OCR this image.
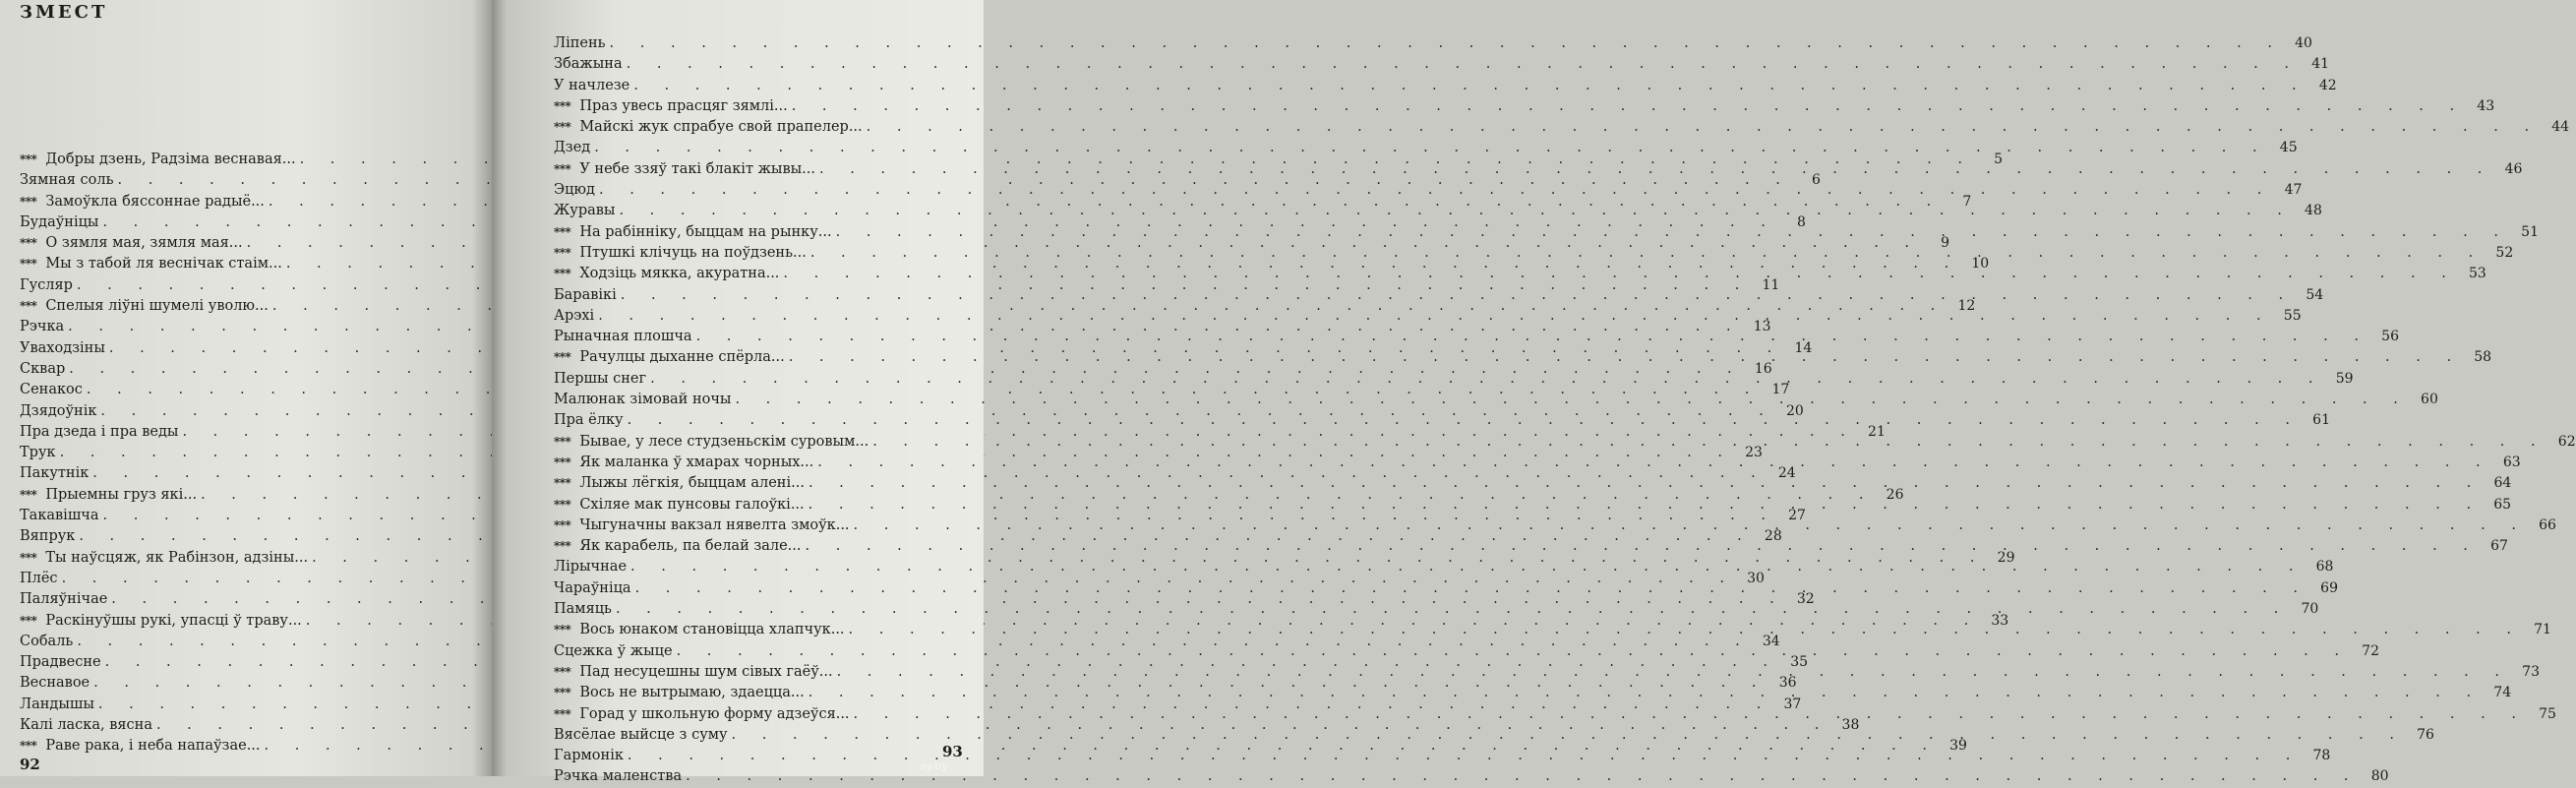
ЗМЕСТ
*** Добры дзень, Радзіма веснавая... . . .	5
Зямная соль . . .	6
*** Замоўкла бяссоннае радыё... . . .	7
Будаўніцы . . .	8
*** О зямля мая, зямля мая... . . .	9
*** Мы з табой ля веснічак стаім... . . .	10
Гусляр . . .	11
*** Спелыя ліўні шумелі уволю... . . .	12
Рэчка . . .	13
Уваходзіны . . .	14
Сквар . . .	16
Сенакос . . .	17
Дзядоўнік . . .	20
Пра дзеда і пра веды . . .	21
Трук . . .	23
Пакутнік . . .	24
*** Прыемны груз які... . . .	26
Такавішча . . .	27
Вяпрук . . .	28
*** Ты наўсцяж, як Рабінзон, адзіны... . . .	29
Плёс . . .	30
Паляўнічае . . .	32
*** Раскінуўшы рукі, упасці ў траву... . . .	33
Собаль . . .	34
Прадвесне . . .	35
Веснавое . . .	36
Ландышы . . .	37
Калі ласка, вясна . . .	38
*** Раве рака, і неба напаўзае... . . .	39
92
Ліпень . . .	40
Збажына . . .	41
У начлезе . . .	42
*** Праз увесь прасцяг зямлі... . . .	43
*** Майскі жук спрабуе свой прапелер... . . .	44
Дзед . . .	45
*** У небе ззяў такі блакіт жывы... . . .	46
Эцюд . . .	47
Журавы . . .	48
*** На рабінніку, быццам на рынку... . . .	51
*** Птушкі клічуць на поўдзень... . . .	52
*** Ходзіць мякка, акуратна... . . .	53
Баравікі . . .	54
Арэхі . . .	55
Рыначная плошча . . .	56
*** Рачулцы дыханне спёрла... . . .	58
Першы снег . . .	59
Малюнак зімовай ночы . . .	60
Пра ёлку . . .	61
*** Бывае, у лесе студзеньскім суровым... . . .	62
*** Як маланка ў хмарах чорных... . . .	63
*** Лыжы лёгкія, быццам алені... . . .	64
*** Схіляе мак пунсовы галоўкі... . . .	65
*** Чыгуначны вакзал нявелта змоўк... . . .	66
*** Як карабель, па белай зале... . . .	67
Лірычнае . . .	68
Чараўніца . . .	69
Памяць . . .	70
*** Вось юнаком становіцца хлапчук... . . .	71
Сцежка ў жыце . . .	72
*** Пад несуцешны шум сівых гаёў... . . .	73
*** Вось не вытрымаю, здаецца... . . .	74
*** Горад у школьную форму адзеўся... . . .	75
Вясёлае выйсце з суму . . .	76
Гармонік . . .	78
Рэчка маленства . . .	80
93
ay.by
